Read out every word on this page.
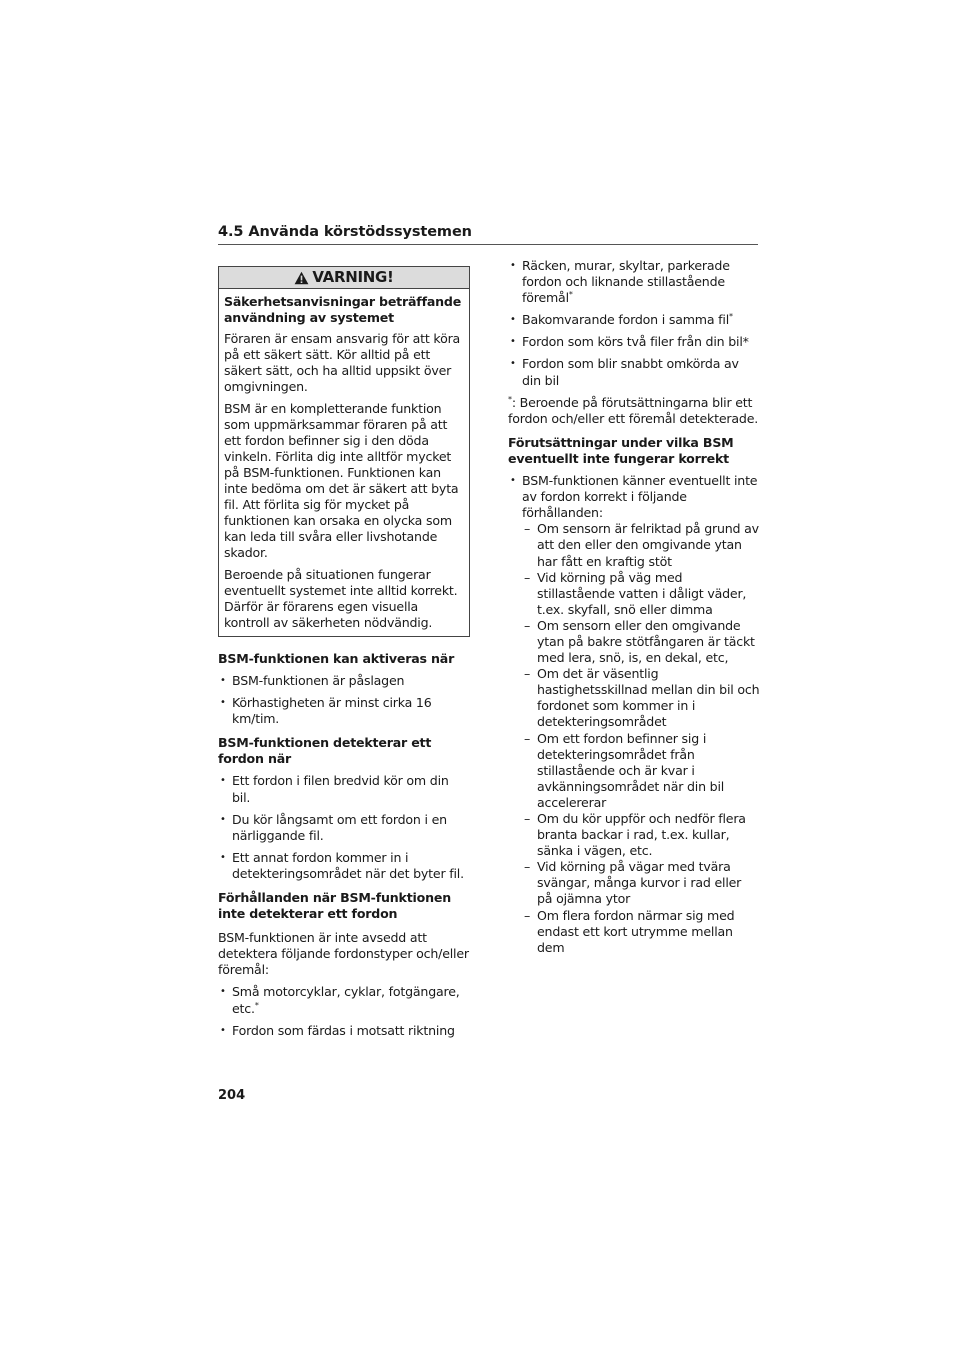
4.5 Använda körstödssystemen
VARNING!

Säkerhetsanvisningar beträffande användning av systemet

Föraren är ensam ansvarig för att köra på ett säkert sätt. Kör alltid på ett säkert sätt, och ha alltid uppsikt över omgivningen.

BSM är en kompletterande funktion som uppmärksammar föraren på att ett fordon befinner sig i den döda vinkeln. Förlita dig inte alltför mycket på BSM-funktionen. Funktionen kan inte bedöma om det är säkert att byta fil. Att förlita sig för mycket på funktionen kan orsaka en olycka som kan leda till svåra eller livshotande skador.

Beroende på situationen fungerar eventuellt systemet inte alltid korrekt. Därför är förarens egen visuella kontroll av säkerheten nödvändig.

BSM-funktionen kan aktiveras när

• BSM-funktionen är påslagen
• Körhastigheten är minst cirka 16 km/tim.

BSM-funktionen detekterar ett fordon när

• Ett fordon i filen bredvid kör om din bil.
• Du kör långsamt om ett fordon i en närliggande fil.
• Ett annat fordon kommer in i detekteringsområdet när det byter fil.

Förhållanden när BSM-funktionen inte detekterar ett fordon

BSM-funktionen är inte avsedd att detektera följande fordonstyper och/eller föremål:

• Små motorcyklar, cyklar, fotgängare, etc.*
• Fordon som färdas i motsatt riktning
• Räcken, murar, skyltar, parkerade fordon och liknande stillastående föremål*
• Bakomvarande fordon i samma fil*
• Fordon som körs två filer från din bil*
• Fordon som blir snabbt omkörda av din bil

*: Beroende på förutsättningarna blir ett fordon och/eller ett föremål detekterade.

Förutsättningar under vilka BSM eventuellt inte fungerar korrekt

• BSM-funktionen känner eventuellt inte av fordon korrekt i följande förhållanden:
– Om sensorn är felriktad på grund av att den eller den omgivande ytan har fått en kraftig stöt
– Vid körning på väg med stillastående vatten i dåligt väder, t.ex. skyfall, snö eller dimma
– Om sensorn eller den omgivande ytan på bakre stötfångaren är täckt med lera, snö, is, en dekal, etc,
– Om det är väsentlig hastighetsskillnad mellan din bil och fordonet som kommer in i detekteringsområdet
– Om ett fordon befinner sig i detekteringsområdet från stillastående och är kvar i avkänningsområdet när din bil accelererar
– Om du kör uppför och nedför flera branta backar i rad, t.ex. kullar, sänka i vägen, etc.
– Vid körning på vägar med tvära svängar, många kurvor i rad eller på ojämna ytor
– Om flera fordon närmar sig med endast ett kort utrymme mellan dem
204
